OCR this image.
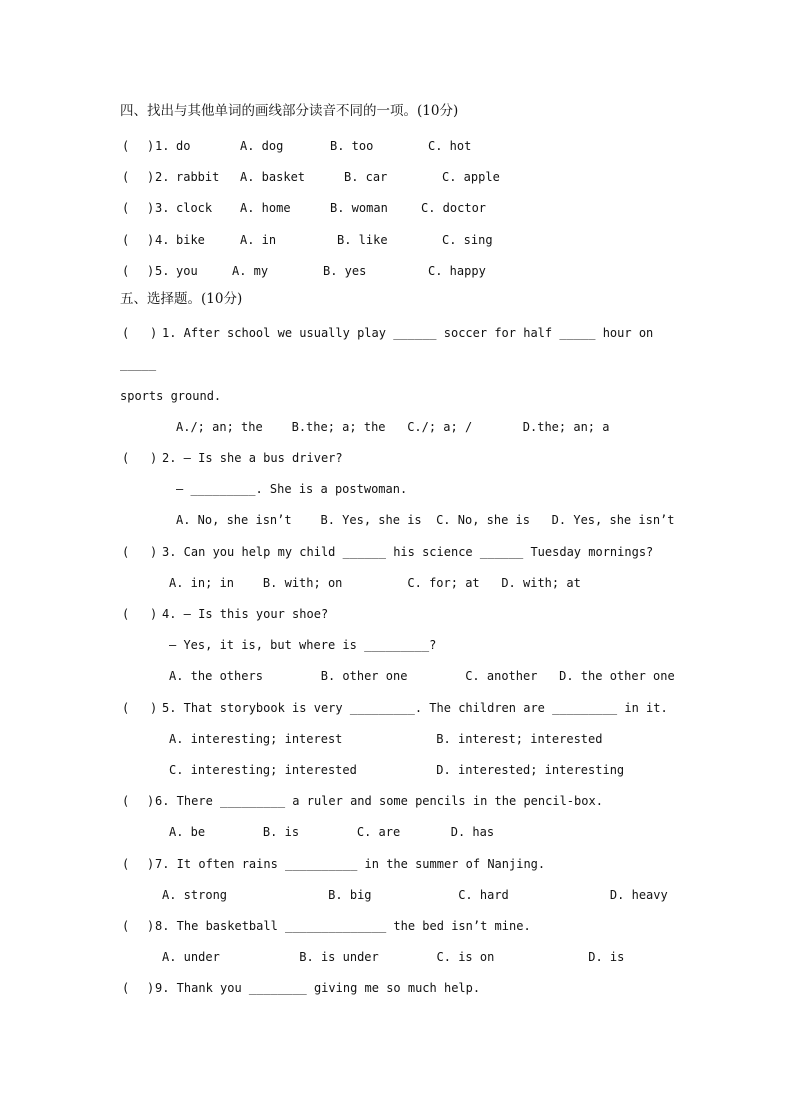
四、找出与其他单词的画线部分读音不同的一项。(10分)
( ) 1. do	A. dog	B. too	C. hot
( ) 2. rabbit A. basket	B. car	C. apple
( ) 3. clock A. home	B. woman	C. doctor
( ) 4. bike	A. in	B. like	C. sing
( ) 5. you	A. my	B. yes	C. happy
五、选择题。(10分)
( ) 1. After school we usually play ______ soccer for half _____ hour on
_____
sports ground.
A./; an; the    B.the; a; the   C./; a; /       D.the; an; a
( ) 2. — Is she a bus driver?
— _________. She is a postwoman.
A. No, she isn’t    B. Yes, she is  C. No, she is   D. Yes, she isn’t
( ) 3. Can you help my child ______ his science ______ Tuesday mornings?
A. in; in    B. with; on         C. for; at   D. with; at
( ) 4. — Is this your shoe?
— Yes, it is, but where is _________?
A. the others        B. other one        C. another   D. the other one
( ) 5. That storybook is very _________. The children are _________ in it.
A. interesting; interest             B. interest; interested
C. interesting; interested           D. interested; interesting
( ) 6. There _________ a ruler and some pencils in the pencil-box.
A. be        B. is        C. are       D. has
( ) 7. It often rains __________ in the summer of Nanjing.
A. strong              B. big            C. hard              D. heavy
( ) 8. The basketball ______________ the bed isn’t mine.
A. under           B. is under        C. is on             D. is
( ) 9. Thank you ________ giving me so much help.
